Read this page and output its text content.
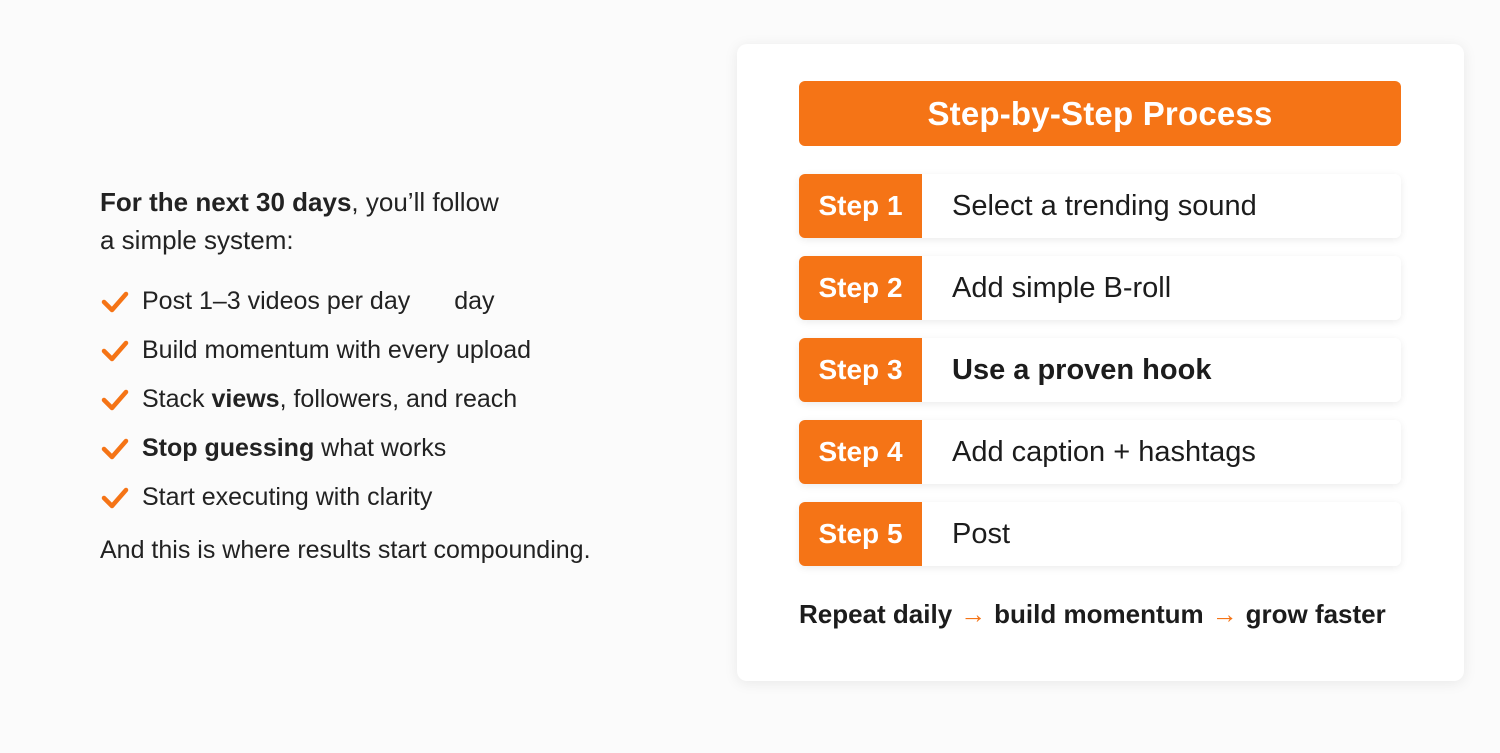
For the next 30 days, you’ll follow
a simple system:

Post 1–3 videos per day day
Build momentum with every upload
Stack views, followers, and reach
Stop guessing what works
Start executing with clarity

And this is where results start compounding.

Step-by-Step Process
Step 1	Select a trending sound
Step 2	Add simple B-roll
Step 3	Use a proven hook
Step 4	Add caption + hashtags
Step 5	Post
Repeat daily → build momentum → grow faster
